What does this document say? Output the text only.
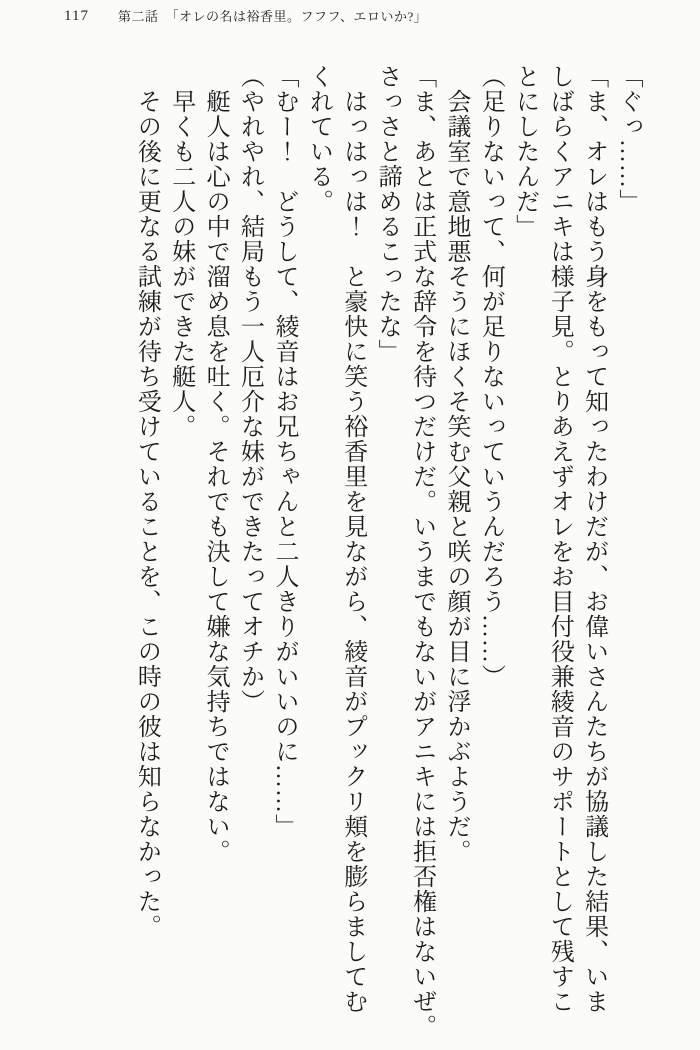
117 第二話　「オレの名は裕香里。フフフ、エロいか?」
「ぐっ……」
「ま、オレはもう身をもって知ったわけだが、お偉いさんたちが協議した結果、いま
しばらくアニキは様子見。とりあえずオレをお目付役兼綾音のサポートとして残すこ
とにしたんだ」
（足りないって、何が足りないっていうんだろう……）
　会議室で意地悪そうにほくそ笑む父親と咲の顔が目に浮かぶようだ。
「ま、あとは正式な辞令を待つだけだ。いうまでもないがアニキには拒否権はないぜ。
さっさと諦めるこったな」
　はっはっは！　と豪快に笑う裕香里を見ながら、綾音がプックリ頬を膨らましてむ
くれている。
「むー！　どうして、綾音はお兄ちゃんと二人きりがいいのに……」
（やれやれ、結局もう一人厄介な妹ができたってオチか）
　艇人は心の中で溜め息を吐く。それでも決して嫌な気持ちではない。
　早くも二人の妹ができた艇人。
　その後に更なる試練が待ち受けていることを、この時の彼は知らなかった。
